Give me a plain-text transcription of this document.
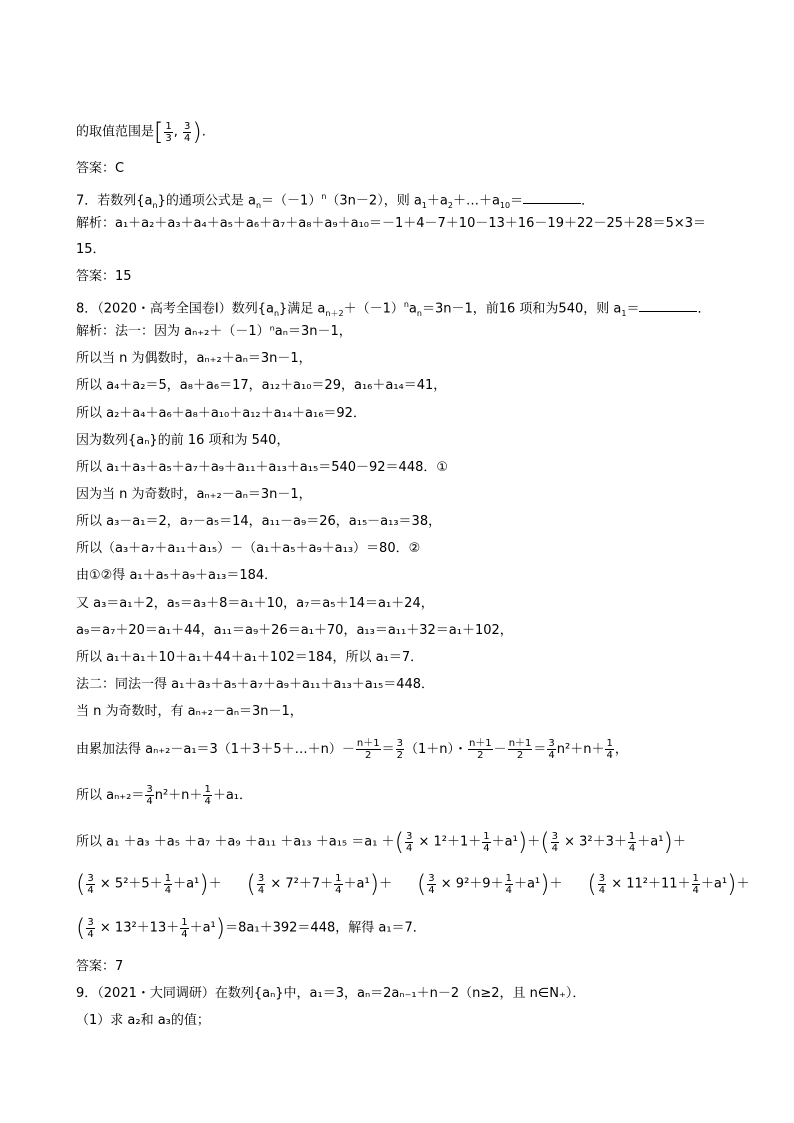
的取值范围是[ $\frac{1}{3}$ , $\frac{3}{4}$ ).
答案：C
7．若数列$\{a_n\}$的通项公式是 $a_n=(-1)^n(3n-2)$，则 $a_1+a_2+\dots+a_{10}=$	．
解析：a₁＋a₂＋a₃＋a₄＋a₅＋a₆＋a₇＋a₈＋a₉＋a₁₀＝－1＋4－7＋10－13＋16－19＋22－25＋28＝5×3＝
15．
答案：15
8．（2020・高考全国卷Ⅰ）数列$\{a_n\}$满足 $a_{n+2}+(-1)^na_n=3n-1$，前16 项和为540，则 $a_1=$	．
解析：法一：因为 aₙ₊₂＋（－1）ⁿaₙ＝3n－1，
所以当 n 为偶数时，aₙ₊₂＋aₙ＝3n－1，
所以 a₄＋a₂＝5，a₈＋a₆＝17，a₁₂＋a₁₀＝29，a₁₆＋a₁₄＝41，
所以 a₂＋a₄＋a₆＋a₈＋a₁₀＋a₁₂＋a₁₄＋a₁₆＝92．
因为数列{aₙ}的前 16 项和为 540，
所以 a₁＋a₃＋a₅＋a₇＋a₉＋a₁₁＋a₁₃＋a₁₅＝540－92＝448．①
因为当 n 为奇数时，aₙ₊₂－aₙ＝3n－1，
所以 a₃－a₁＝2，a₇－a₅＝14，a₁₁－a₉＝26，a₁₅－a₁₃＝38，
所以（a₃＋a₇＋a₁₁＋a₁₅）－（a₁＋a₅＋a₉＋a₁₃）＝80．②
由①②得 a₁＋a₅＋a₉＋a₁₃＝184．
又 a₃＝a₁＋2，a₅＝a₃＋8＝a₁＋10，a₇＝a₅＋14＝a₁＋24，
a₉＝a₇＋20＝a₁＋44，a₁₁＝a₉＋26＝a₁＋70，a₁₃＝a₁₁＋32＝a₁＋102，
所以 a₁＋a₁＋10＋a₁＋44＋a₁＋102＝184，所以 a₁＝7．
法二：同法一得 a₁＋a₃＋a₅＋a₇＋a₉＋a₁₁＋a₁₃＋a₁₅＝448．
当 n 为奇数时，有 aₙ₊₂－aₙ＝3n－1，
由累加法得 aₙ₊₂－a₁＝3（1＋3＋5＋…＋n）－ $\frac{n+1}{2} = \frac{3}{2} (1+n)$・ $\frac{n+1}{2} - \frac{n+1}{2} = \frac{3}{4} n^2+n+ \frac{1}{4}$ ，
所以 $a_{n+2}= \frac{3}{4} n^2+n+ \frac{1}{4} +a_1$．
所以 a₁ ＋a₃ ＋a₅ ＋a₇ ＋a₉ ＋a₁₁ ＋a₁₃ ＋a₁₅ ＝a₁ ＋( $\frac{3}{4} \times 1^2+1+ \frac{1}{4} +a^1)+( \frac{3}{4} \times 3^2+3+ \frac{1}{4} +a^1)+$
( $\frac{3}{4} \times 5^2+5+ \frac{1}{4} +a^1)+$ ( $\frac{3}{4} \times 7^2+7+ \frac{1}{4} +a^1)+$ ( $\frac{3}{4} \times 9^2+9+ \frac{1}{4} +a^1)+$ ( $\frac{3}{4} \times 11^2+11+ \frac{1}{4} +a^1)+$
( $\frac{3}{4} \times 13^2+13+ \frac{1}{4} +a^1)=8a_1+392=448$，解得 a₁＝7．
答案：7
9．（2021・大同调研）在数列{aₙ}中，a₁＝3，aₙ＝2aₙ₋₁＋n－2（n≥2，且 n∈N₊）．
（1）求 a₂和 a₃的值；
